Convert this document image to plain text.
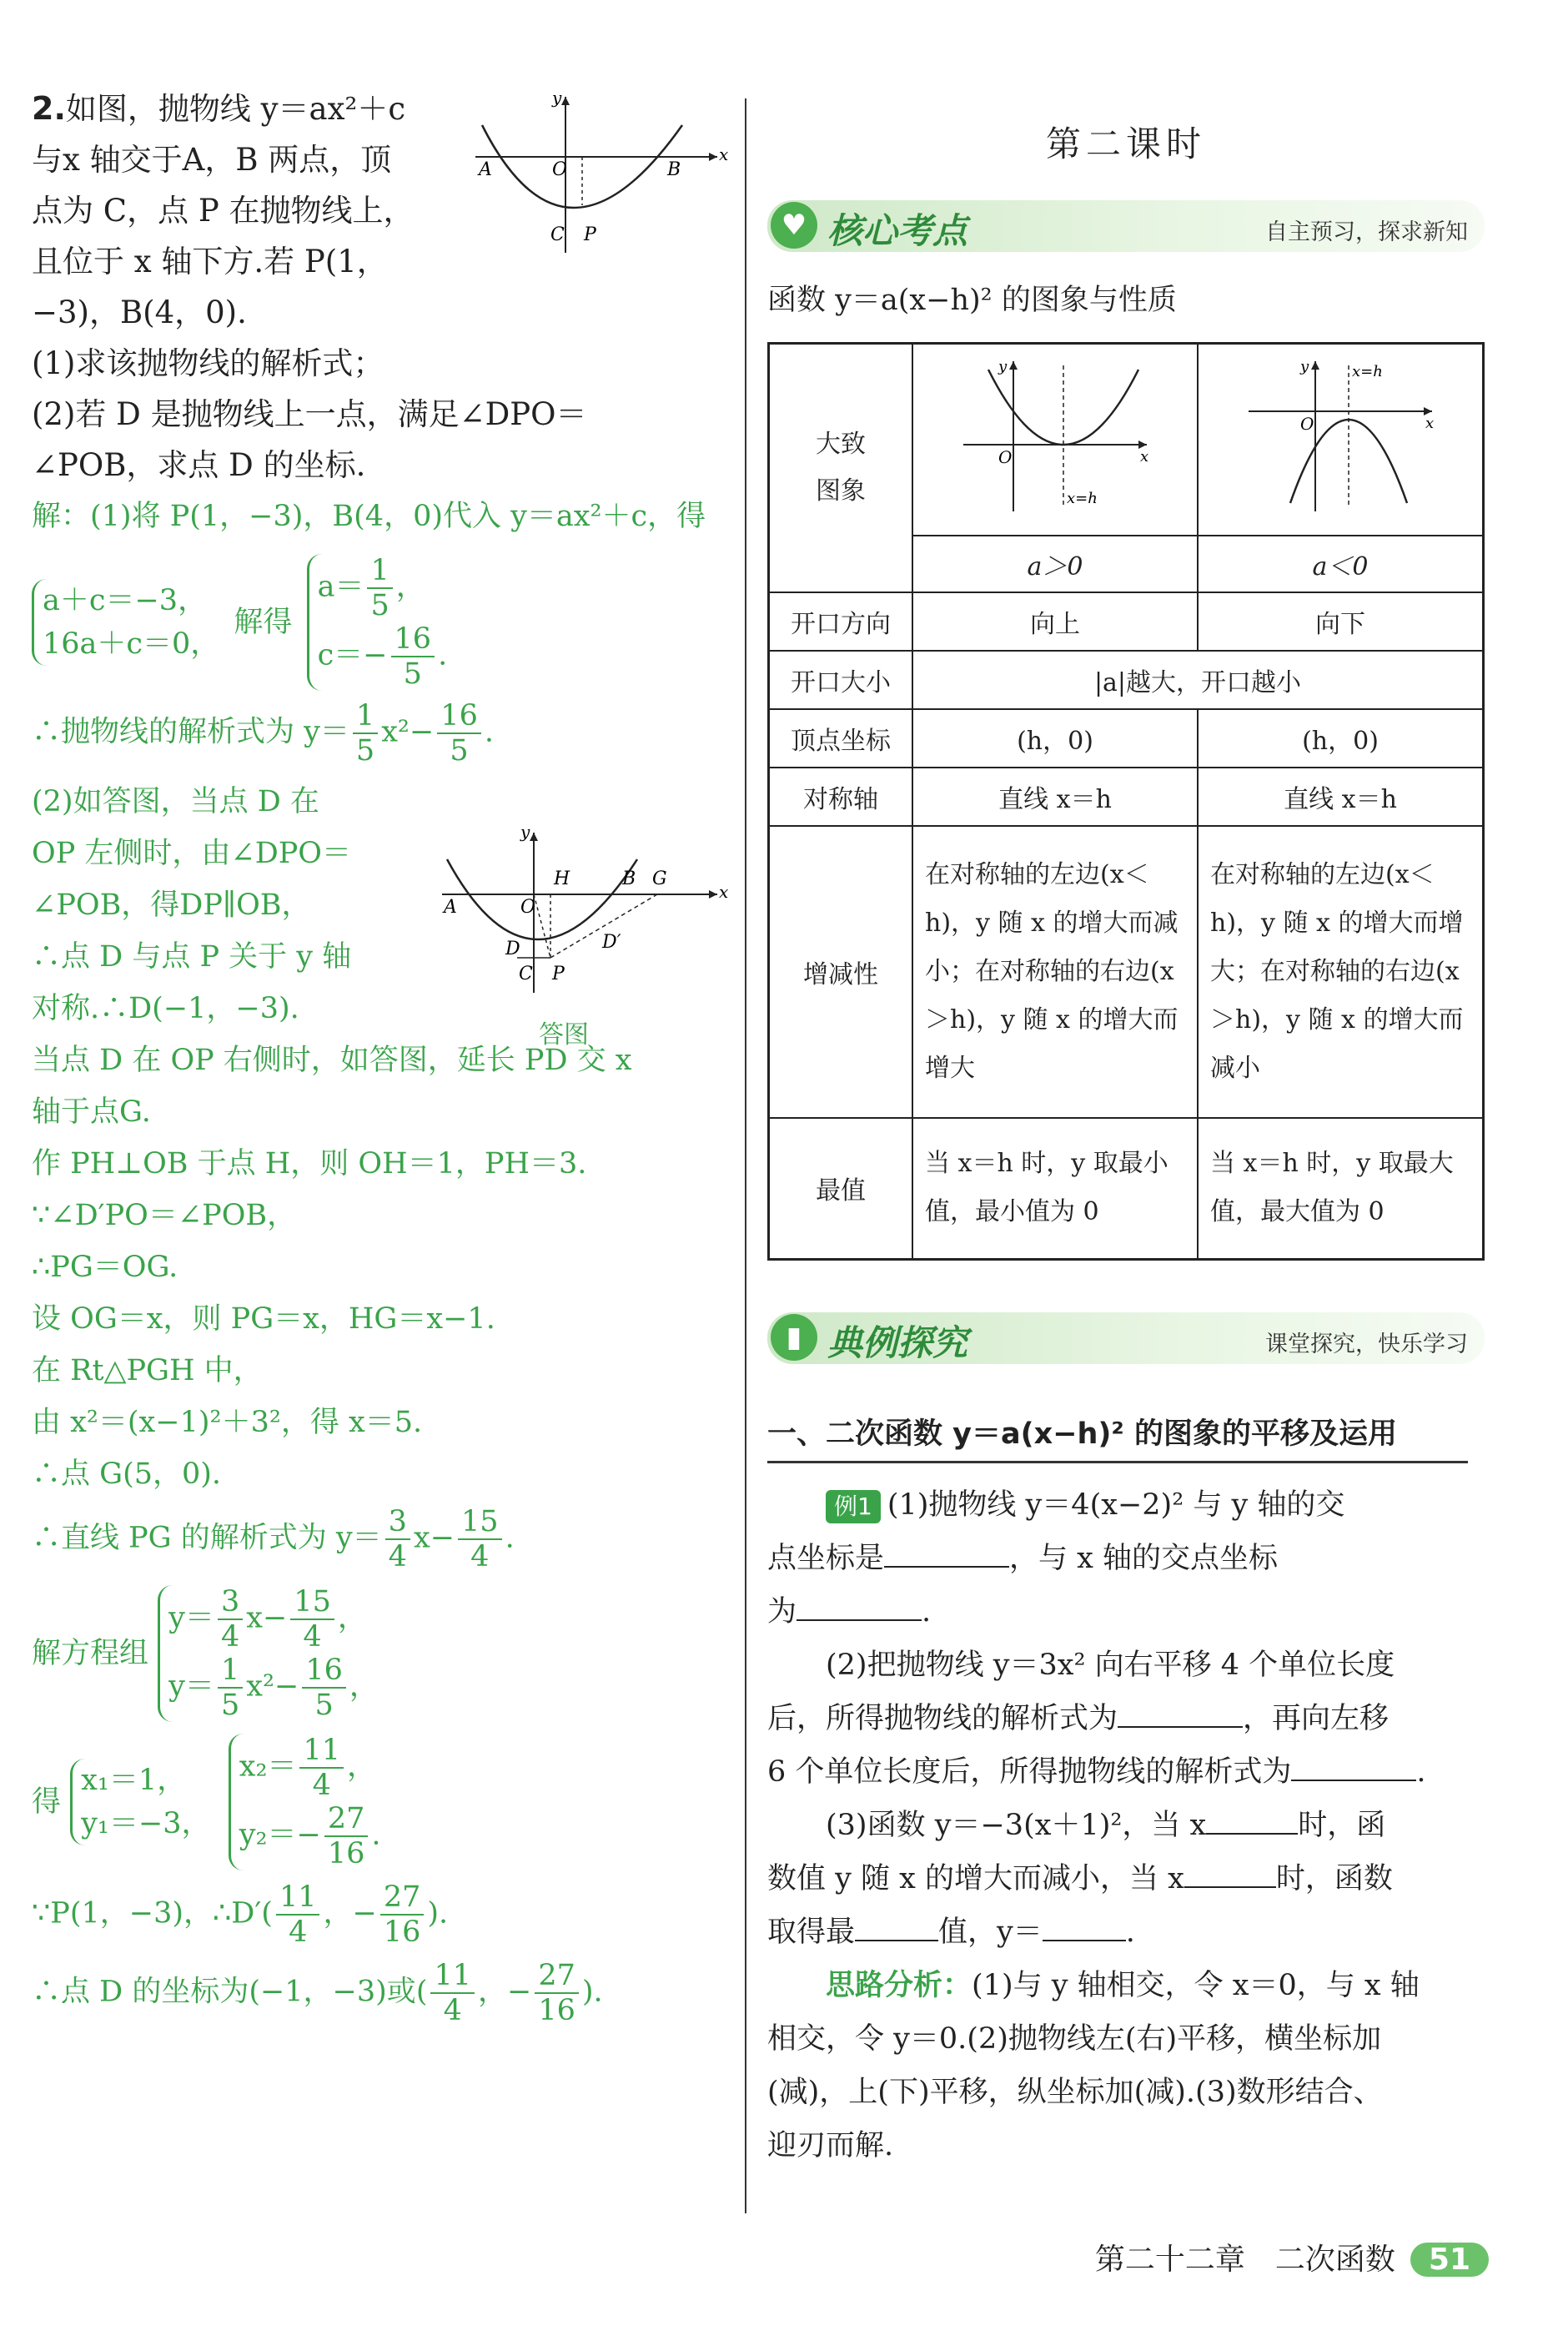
2.如图，抛物线 y＝ax²＋c
与x 轴交于A，B 两点，顶
点为 C，点 P 在抛物线上，
且位于 x 轴下方.若 P(1，
−3)，B(4，0).
(1)求该抛物线的解析式；
(2)若 D 是抛物线上一点，满足∠DPO＝
∠POB，求点 D 的坐标.
解：(1)将 P(1，−3)，B(4，0)代入 y＝ax²＋c，得
a＋c＝−3，
16a＋c＝0，
解得
$a= \frac{1}{5}$ ，
$c=- \frac{16}{5}$ .
∴抛物线的解析式为 $y= \frac{1}{5} x^2- \frac{16}{5}$ .
(2)如答图，当点 D 在
OP 左侧时，由∠DPO＝
∠POB，得DP∥OB，
∴点 D 与点 P 关于 y 轴
对称.∴D(−1，−3).
当点 D 在 OP 右侧时，如答图，延长 PD 交 x
轴于点G.
作 PH⊥OB 于点 H，则 OH＝1，PH＝3.
∵∠D′PO＝∠POB，
∴PG＝OG.
设 OG＝x，则 PG＝x，HG＝x−1.
在 Rt△PGH 中，
由 x²＝(x−1)²＋3²，得 x＝5.
∴点 G(5，0).
∴直线 PG 的解析式为 $y= \frac{3}{4} x- \frac{15}{4}$ .
解方程组
$y= \frac{3}{4} x- \frac{15}{4}$ ，
$y= \frac{1}{5} x^2- \frac{16}{5}$ ，
得
x₁＝1，
y₁＝−3，

$x_2= \frac{11}{4}$ ，
$y_2=- \frac{27}{16}$ .
∵P(1，−3)，∴D′( $\frac{11}{4}$ ，− $\frac{27}{16}$ ).
∴点 D 的坐标为(−1，−3)或( $\frac{11}{4}$ ，− $\frac{27}{16}$ ).
y
x
A	O	B
C P
y
x
A	O
H	B G
D	D′
C P
答图
第二课时
♥ 核心考点	自主预习，探求新知
函数 y＝a(x−h)² 的图象与性质
大致
图象	y
x
O
x=h	y
x
O
x=h

	a＞0	a＜0
开口方向	向上	向下
开口大小	|a|越大，开口越小	
顶点坐标	(h，0)	(h，0)
对称轴	直线 x＝h	直线 x＝h
增减性	在对称轴的左边(x＜h)，y 随 x 的增大而减小；在对称轴的右边(x＞h)，y 随 x 的增大而增大	在对称轴的左边(x＜h)，y 随 x 的增大而增大；在对称轴的右边(x＞h)，y 随 x 的增大而减小
最值	当 x＝h 时，y 取最小值，最小值为 0	当 x＝h 时，y 取最大值，最大值为 0
▮ 典例探究	课堂探究，快乐学习
一、二次函数 y＝a(x−h)² 的图象的平移及运用

例1 (1)抛物线 y＝4(x−2)² 与 y 轴的交

点坐标是	，与 x 轴的交点坐标

为	.

(2)把抛物线 y＝3x² 向右平移 4 个单位长度

后，所得抛物线的解析式为	，再向左移

6 个单位长度后，所得抛物线的解析式为	.

(3)函数 y＝−3(x＋1)²，当 x	时，函

数值 y 随 x 的增大而减小，当 x	时，函数

取得最	值，y＝	.

思路分析：(1)与 y 轴相交，令 x＝0，与 x 轴

相交，令 y＝0.(2)抛物线左(右)平移，横坐标加

(减)，上(下)平移，纵坐标加(减).(3)数形结合、

迎刃而解.

第二十二章　二次函数 51
